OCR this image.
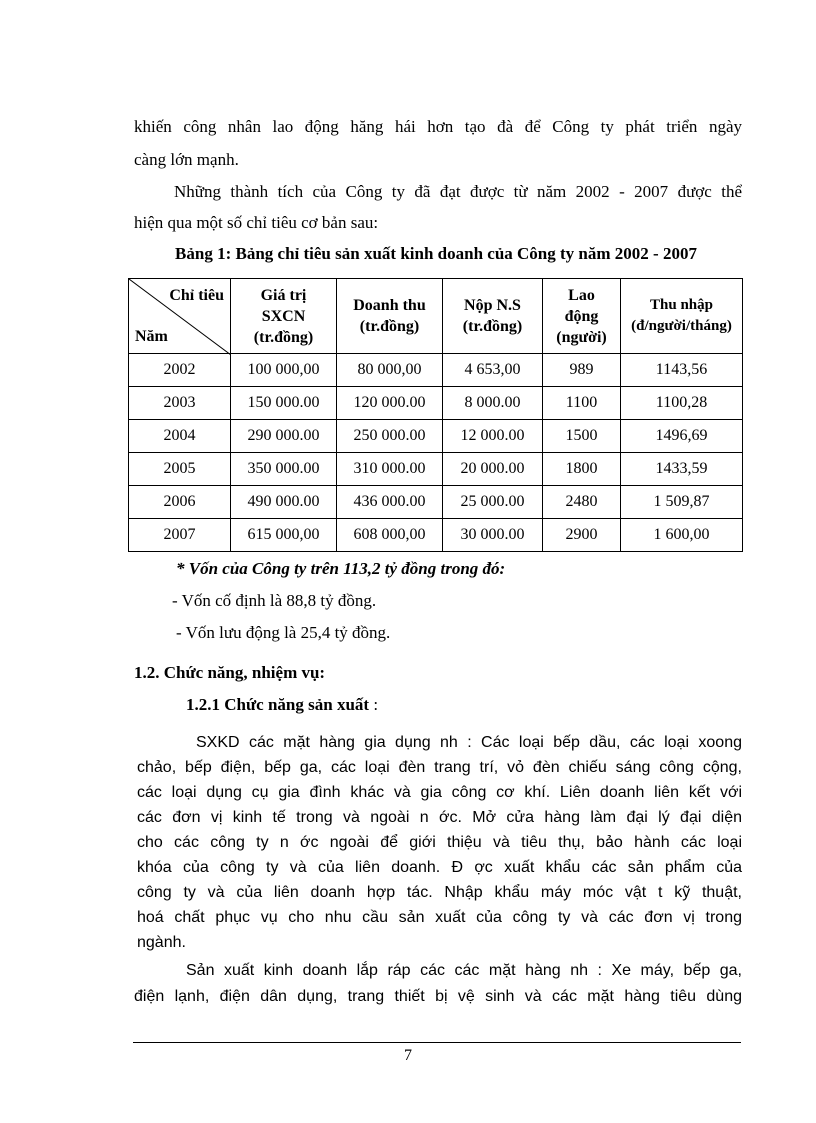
khiến công nhân lao động hăng hái hơn tạo đà để Công ty phát triển ngày
càng lớn mạnh.
Những thành tích của Công ty đã đạt được từ năm 2002 - 2007 được thể
hiện qua một số chỉ tiêu cơ bản sau:
Bảng 1: Bảng chỉ tiêu sản xuất kinh doanh của Công ty năm 2002 - 2007
Chỉ tiêu
Năm	Giá trị SXCN (tr.đồng)	Doanh thu (tr.đồng)	Nộp N.S (tr.đồng)	Lao động (người)	Thu nhập (đ/người/tháng)
2002	100 000,00	80 000,00	4 653,00	989	1143,56
2003	150 000.00	120 000.00	8 000.00	1100	1100,28
2004	290 000.00	250 000.00	12 000.00	1500	1496,69
2005	350 000.00	310 000.00	20 000.00	1800	1433,59
2006	490 000.00	436 000.00	25 000.00	2480	1 509,87
2007	615 000,00	608 000,00	30 000.00	2900	1 600,00
* Vốn của Công ty trên 113,2 tỷ đồng trong đó:
- Vốn cố định là 88,8 tỷ đồng.
- Vốn lưu động là 25,4 tỷ đồng.
1.2. Chức năng, nhiệm vụ:
1.2.1 Chức năng sản xuất :
SXKD các mặt hàng gia dụng nh : Các loại bếp dầu, các loại xoong
chảo, bếp điện, bếp ga, các loại đèn trang trí, vỏ đèn chiếu sáng công cộng,
các loại dụng cụ gia đình khác và gia công cơ khí. Liên doanh liên kết với
các đơn vị kinh tế trong và ngoài n ớc. Mở cửa hàng làm đại lý đại diện
cho các công ty n ớc ngoài để giới thiệu và tiêu thụ, bảo hành các loại
khóa của công ty và của liên doanh. Đ ợc xuất khẩu các sản phẩm của
công ty và của liên doanh hợp tác. Nhập khẩu máy móc vật t kỹ thuật,
hoá chất phục vụ cho nhu cầu sản xuất của công ty và các đơn vị trong
ngành.
Sản xuất kinh doanh lắp ráp các các mặt hàng nh : Xe máy, bếp ga,
điện lạnh, điện dân dụng, trang thiết bị vệ sinh và các mặt hàng tiêu dùng
7
